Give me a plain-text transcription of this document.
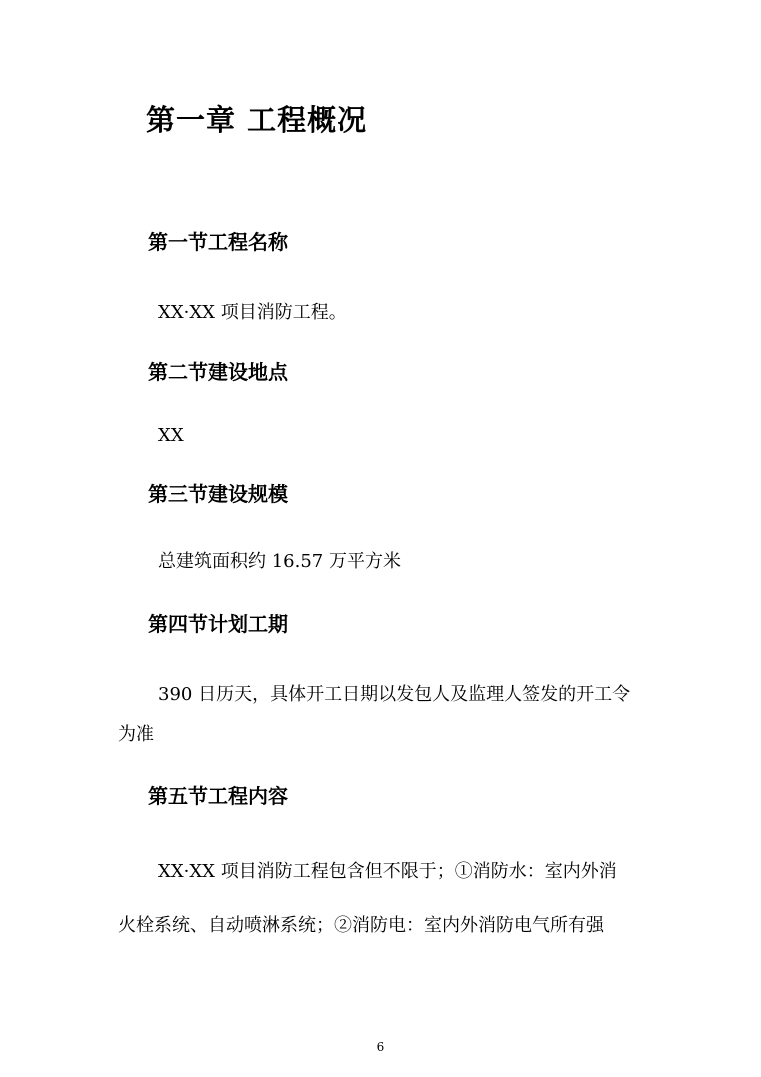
第一章 工程概况
第一节工程名称

XX·XX 项目消防工程。

第二节建设地点

XX

第三节建设规模

总建筑面积约 16.57 万平方米

第四节计划工期

390 日历天，具体开工日期以发包人及监理人签发的开工令

为准

第五节工程内容

XX·XX 项目消防工程包含但不限于；①消防水：室内外消

火栓系统、自动喷淋系统；②消防电：室内外消防电气所有强

6
